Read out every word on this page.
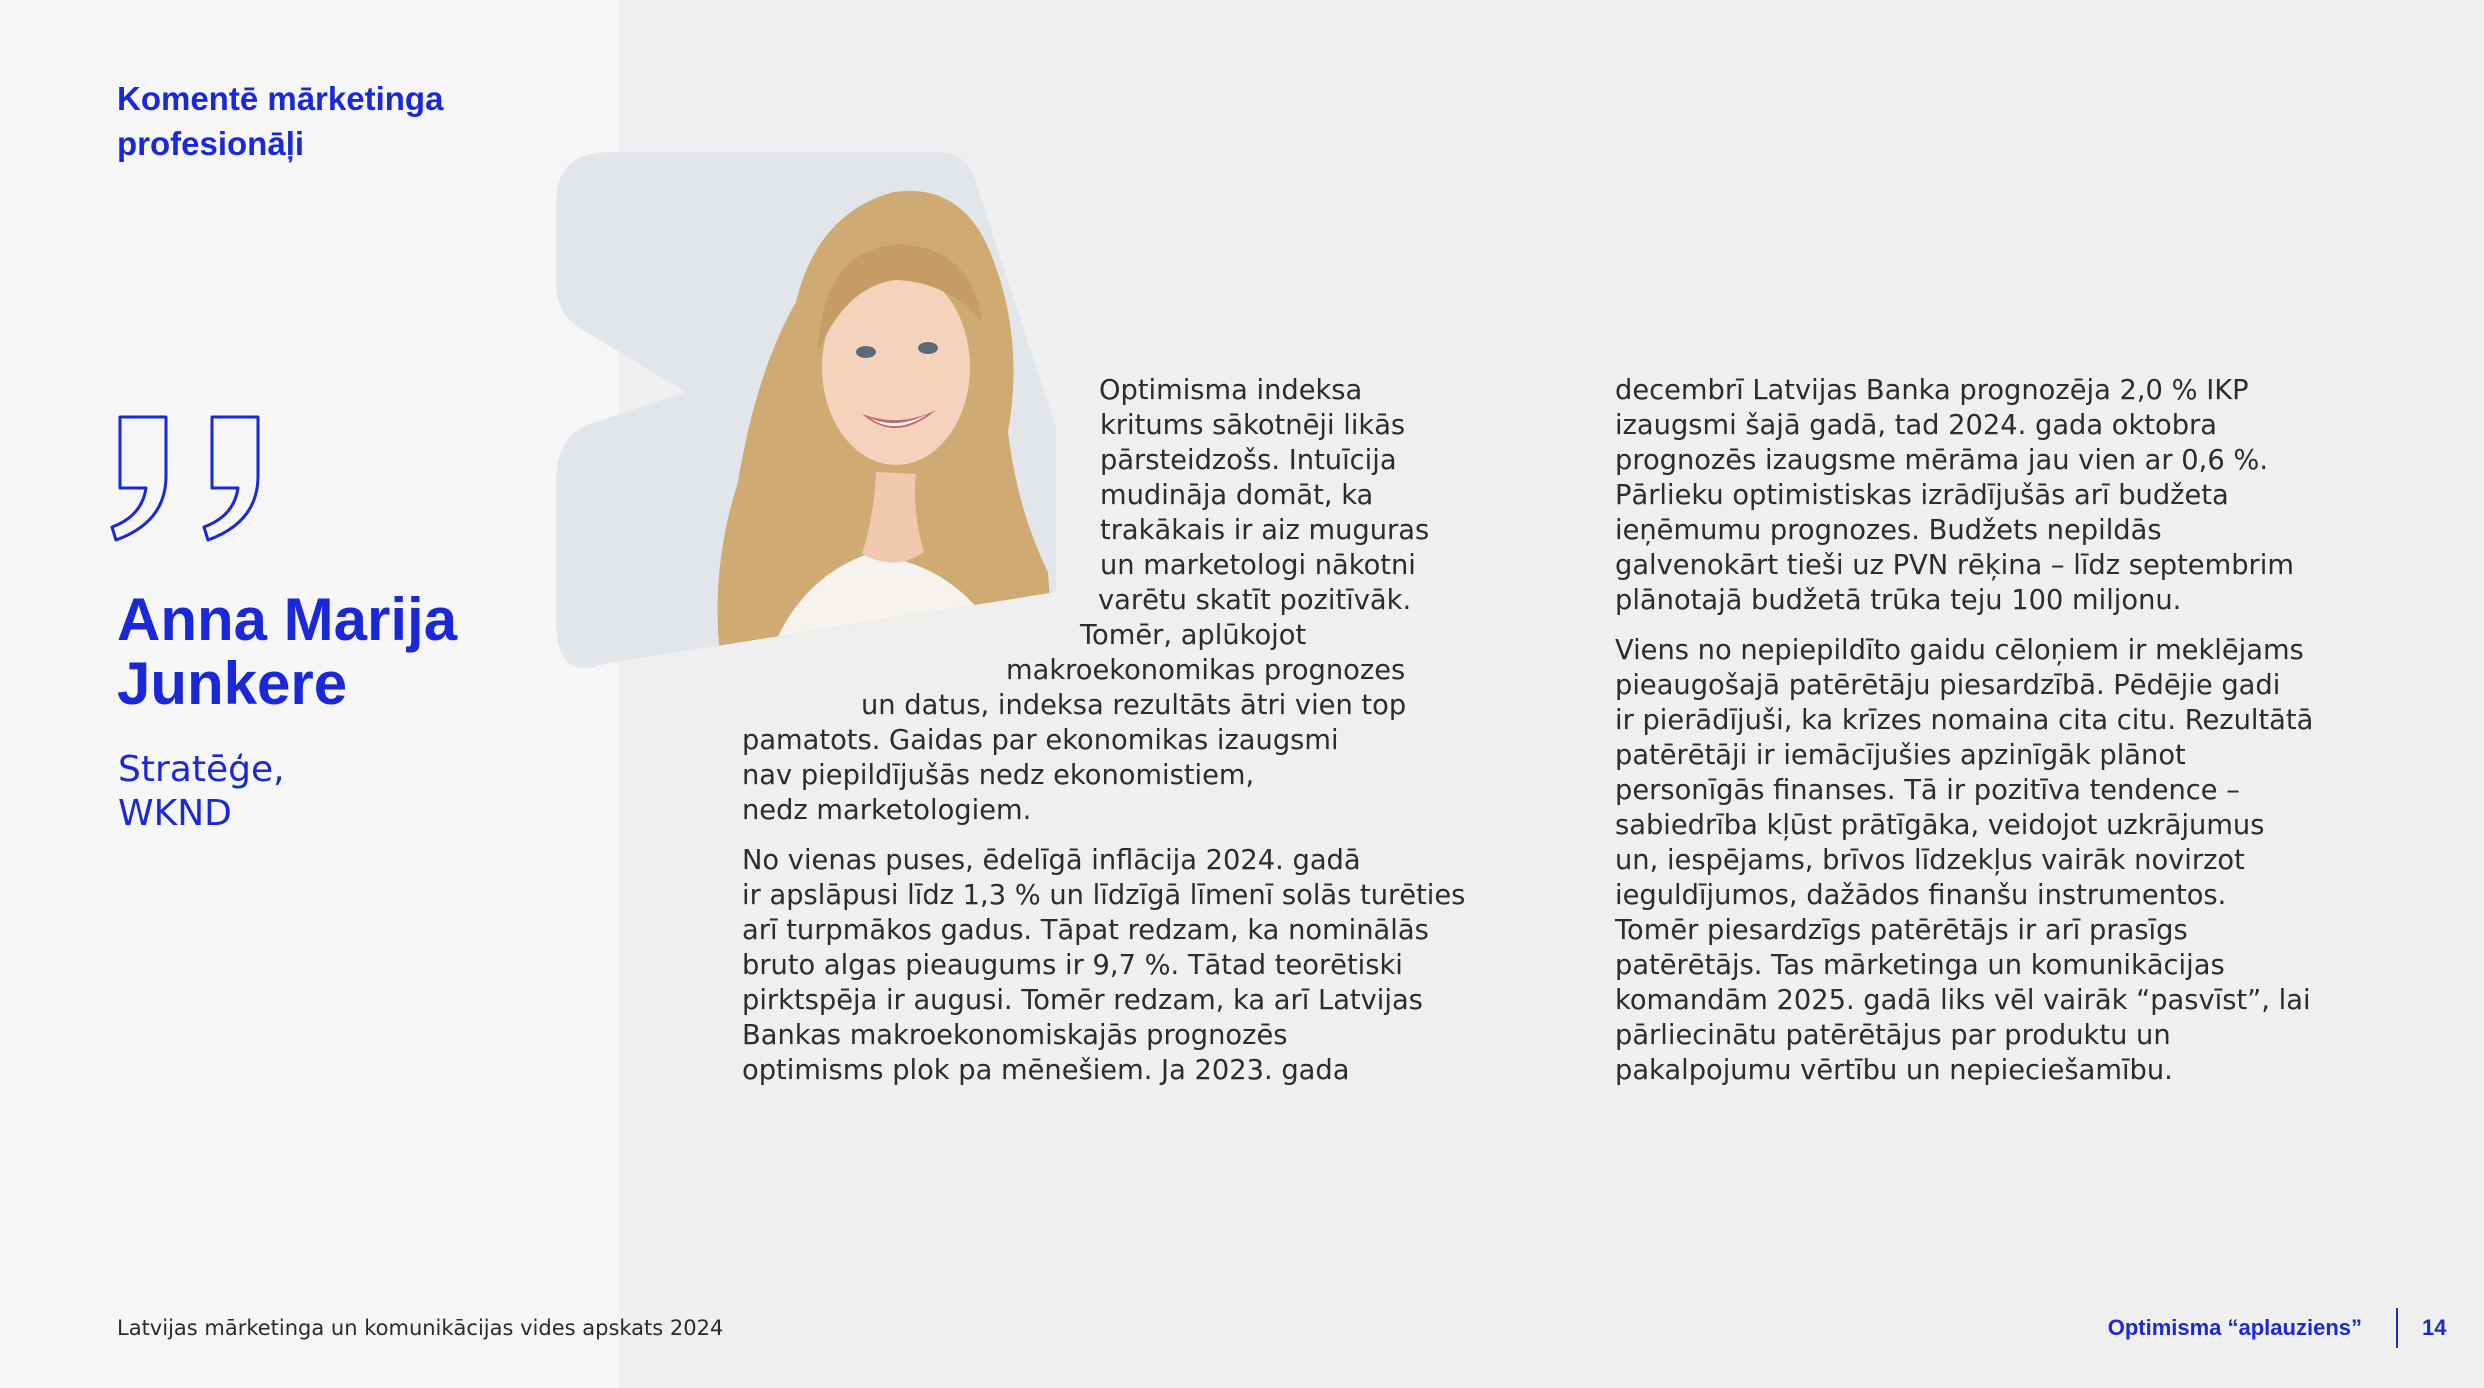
Komentē mārketinga
profesionāļi
Anna Marija
Junkere
Stratēģe,
WKND
Optimisma indeksa
kritums sākotnēji likās
pārsteidzošs. Intuīcija
mudināja domāt, ka
trakākais ir aiz muguras
un marketologi nākotni
varētu skatīt pozitīvāk.
Tomēr, aplūkojot
makroekonomikas prognozes
un datus, indeksa rezultāts ātri vien top
pamatots. Gaidas par ekonomikas izaugsmi
nav piepildījušās nedz ekonomistiem,
nedz marketologiem.
No vienas puses, ēdelīgā inflācija 2024. gadā
ir apslāpusi līdz 1,3 % un līdzīgā līmenī solās turēties
arī turpmākos gadus. Tāpat redzam, ka nominālās
bruto algas pieaugums ir 9,7 %. Tātad teorētiski
pirktspēja ir augusi. Tomēr redzam, ka arī Latvijas
Bankas makroekonomiskajās prognozēs
optimisms plok pa mēnešiem. Ja 2023. gada
decembrī Latvijas Banka prognozēja 2,0 % IKP
izaugsmi šajā gadā, tad 2024. gada oktobra
prognozēs izaugsme mērāma jau vien ar 0,6 %.
Pārlieku optimistiskas izrādījušās arī budžeta
ieņēmumu prognozes. Budžets nepildās
galvenokārt tieši uz PVN rēķina – līdz septembrim
plānotajā budžetā trūka teju 100 miljonu.
Viens no nepiepildīto gaidu cēloņiem ir meklējams
pieaugošajā patērētāju piesardzībā. Pēdējie gadi
ir pierādījuši, ka krīzes nomaina cita citu. Rezultātā
patērētāji ir iemācījušies apzinīgāk plānot
personīgās finanses. Tā ir pozitīva tendence –
sabiedrība kļūst prātīgāka, veidojot uzkrājumus
un, iespējams, brīvos līdzekļus vairāk novirzot
ieguldījumos, dažādos finanšu instrumentos.
Tomēr piesardzīgs patērētājs ir arī prasīgs
patērētājs. Tas mārketinga un komunikācijas
komandām 2025. gadā liks vēl vairāk “pasvīst”, lai
pārliecinātu patērētājus par produktu un
pakalpojumu vērtību un nepieciešamību.
Latvijas mārketinga un komunikācijas vides apskats 2024	Optimisma “aplauziens”	14
